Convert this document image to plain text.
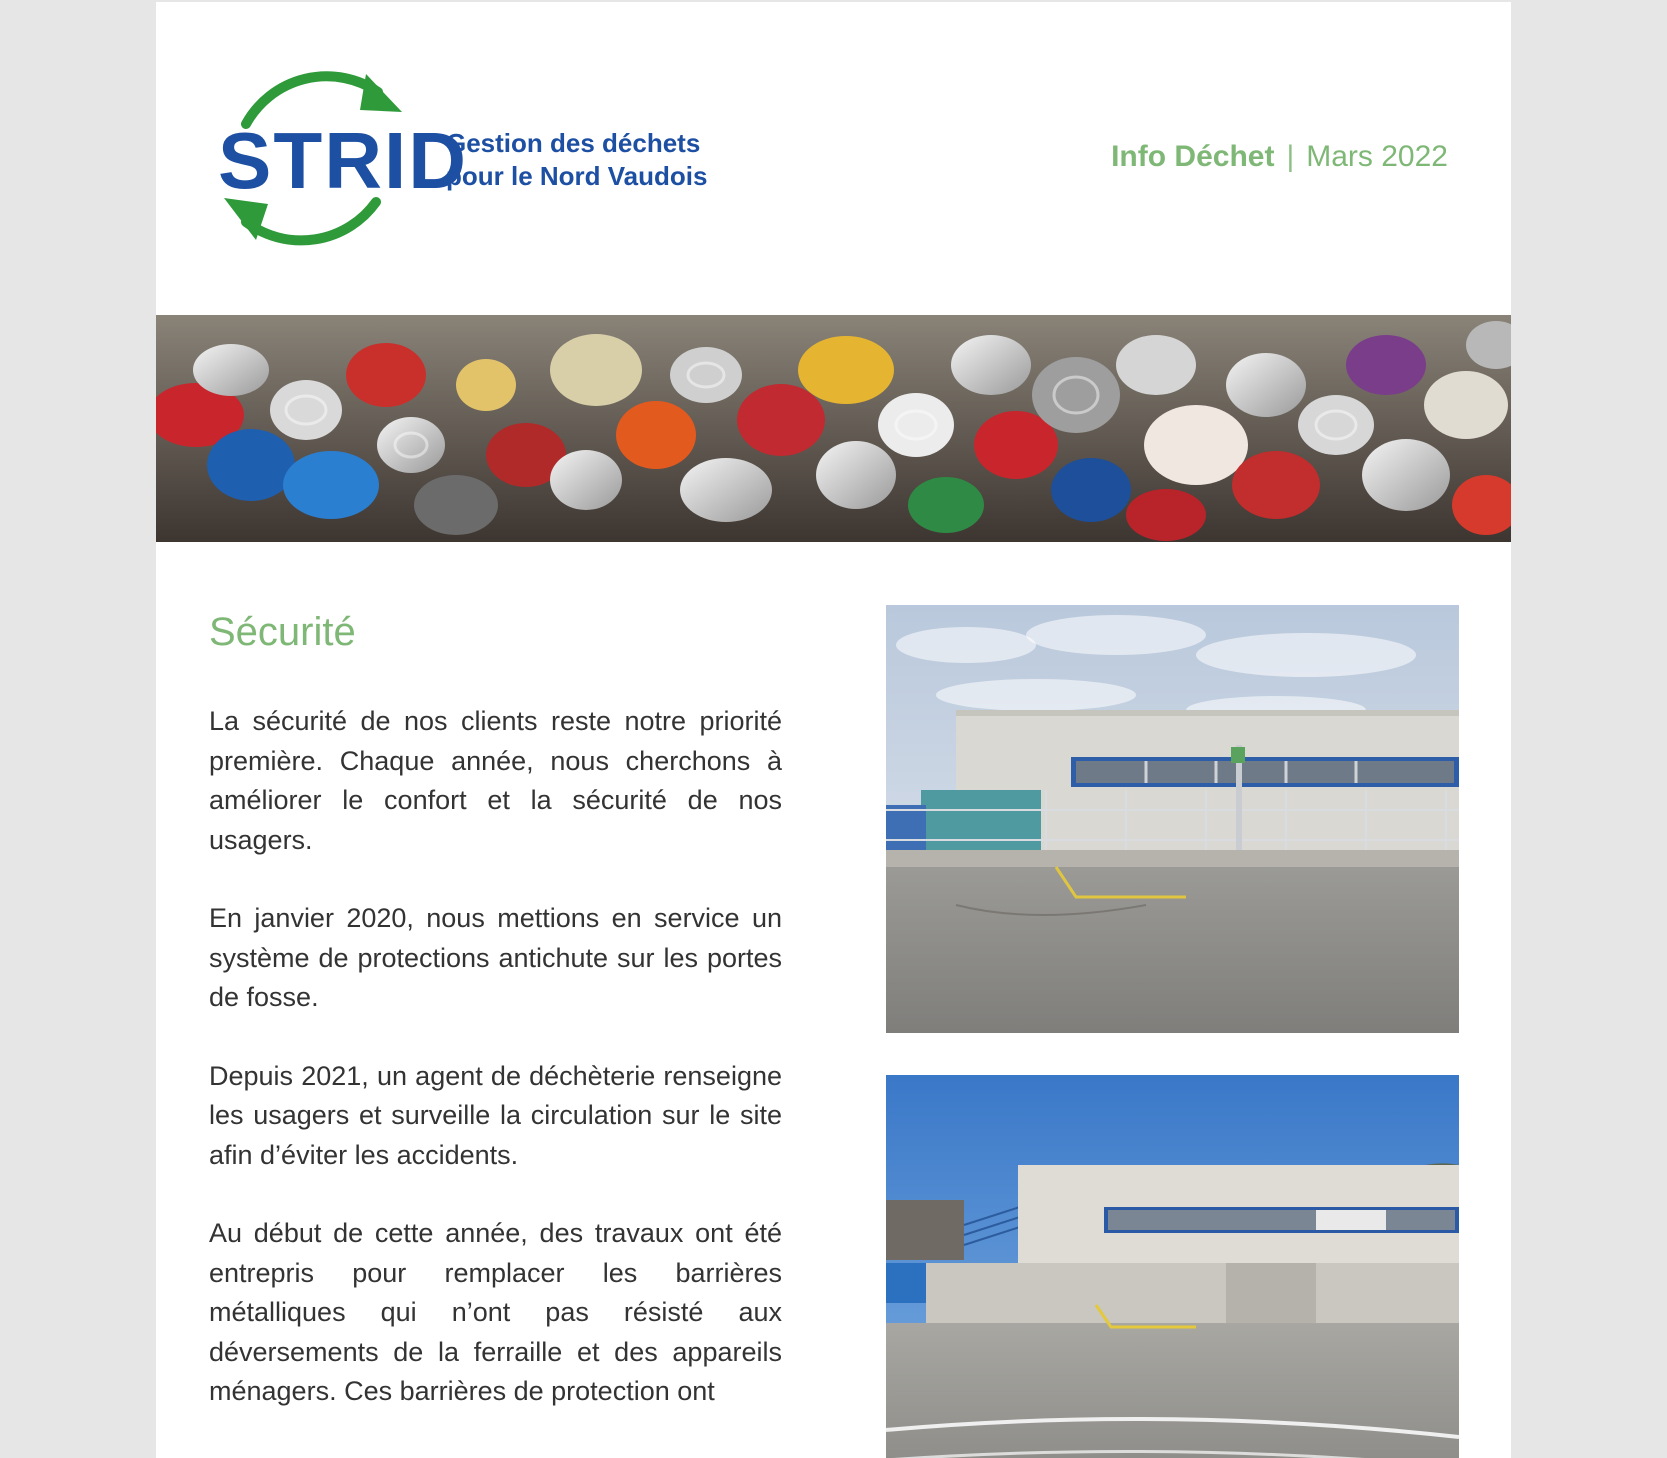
STRID
Gestion des déchets
pour le Nord Vaudois
Info Déchet | Mars 2022
Sécurité

La sécurité de nos clients reste notre priorité première. Chaque année, nous cherchons à améliorer le confort et la sécurité de nos usagers.

En janvier 2020, nous mettions en service un système de protections antichute sur les portes de fosse.

Depuis 2021, un agent de déchèterie renseigne les usagers et surveille la circulation sur le site afin d’éviter les accidents.

Au début de cette année, des travaux ont été entrepris pour remplacer les barrières métalliques qui n’ont pas résisté aux déversements de la ferraille et des appareils ménagers. Ces barrières de protection ont
